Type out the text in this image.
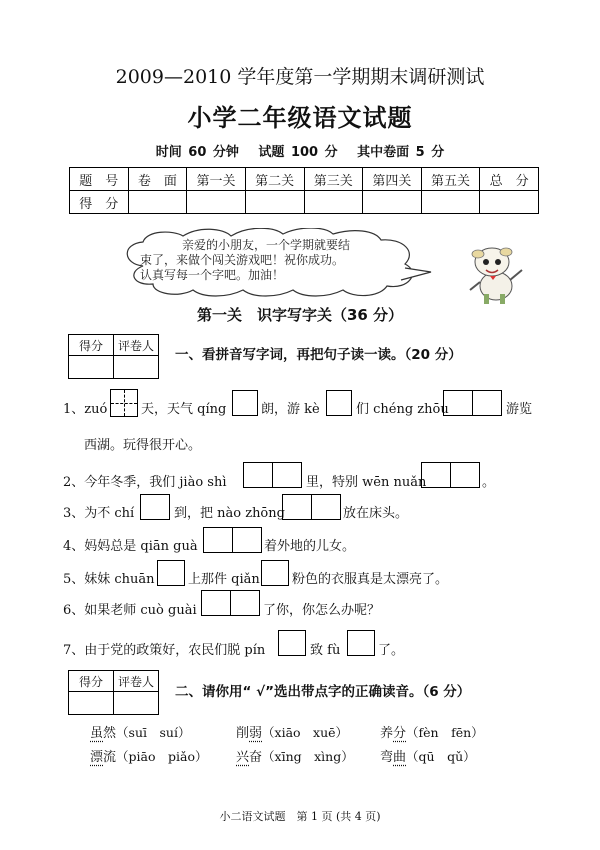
2009—2010 学年度第一学期期末调研测试
小学二年级语文试题
时间 60 分钟　 试题 100 分　 其中卷面 5 分
题　号	卷　面	第一关	第二关	第三关	第四关	第五关	总　分
得　分							
亲爱的小朋友，一个学期就要结
束了，来做个闯关游戏吧！祝你成功。
认真写每一个字吧。加油！
第一关　识字写字关（36 分）
得分	评卷人

一、看拼音写字词，再把句子读一读。（20 分）
1、zuó	天，天气 qíng	朗，游 kè	们 chéng zhōu	游览
西湖。玩得很开心。
2、今年冬季，我们 jiào shì	里，特别 wēn nuǎn	。
3、为不 chí	到，把 nào zhōng	放在床头。
4、妈妈总是 qiān guà	着外地的儿女。
5、妹妹 chuān	上那件 qiǎn 粉色的衣服真是太漂亮了。
6、如果老师 cuò guài	了你，你怎么办呢？
7、由于党的政策好，农民们脱 pín	致 fù	了。
得分	评卷人

二、请你用“ √”选出带点字的正确读音。（6 分）
虽然（suī　suí）	削弱（xiāo　xuē） 养分（fèn　fēn）
漂流（piāo　piǎo） 兴奋（xīng　xìng） 弯曲（qū　qǔ）
小二语文试题　第 1 页 (共 4 页)
